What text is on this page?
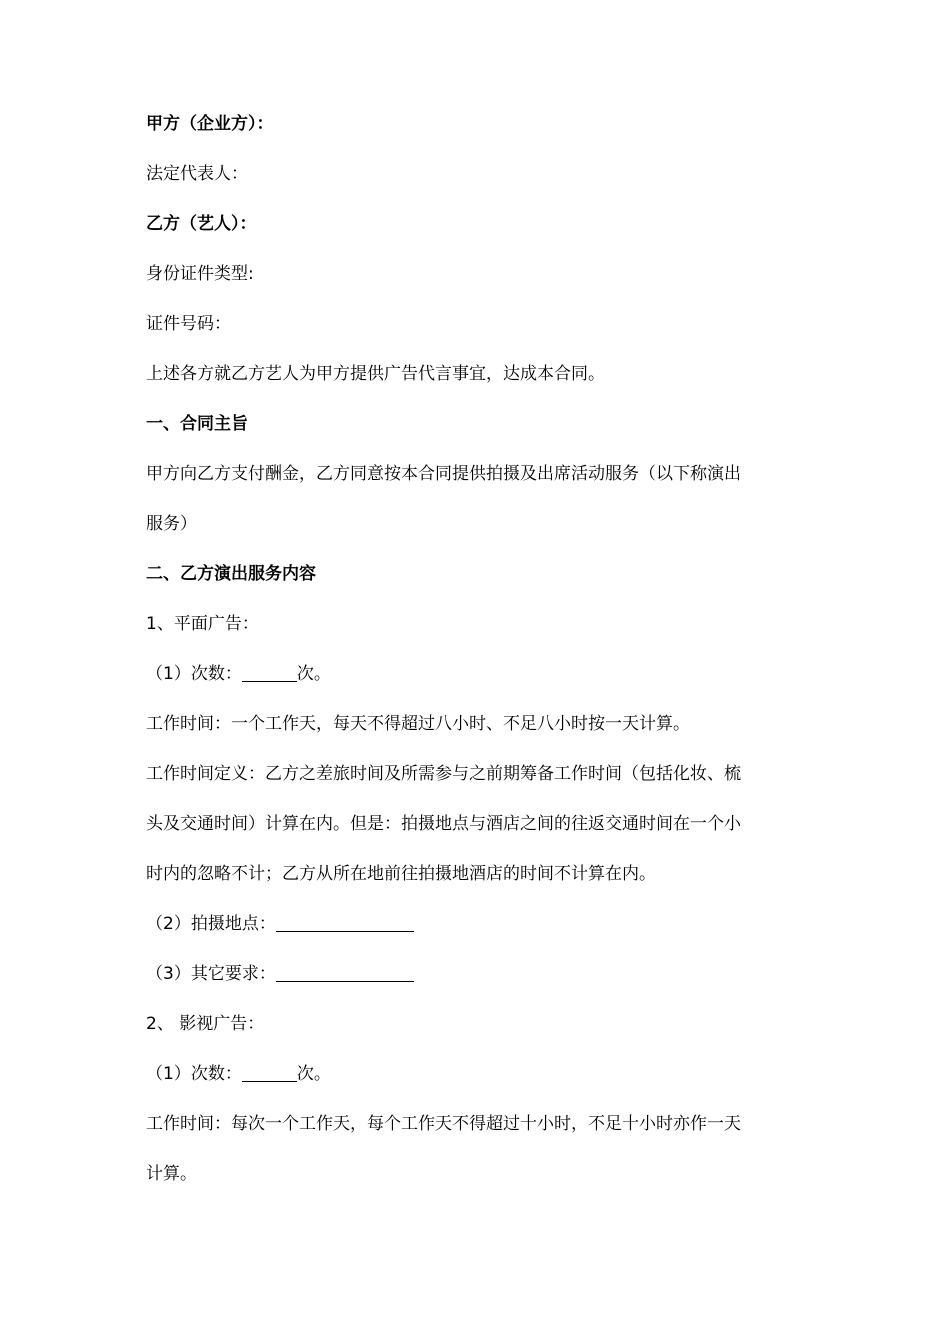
甲方（企业方）：
法定代表人：
乙方（艺人）：
身份证件类型:
证件号码：
上述各方就乙方艺人为甲方提供广告代言事宜，达成本合同。
一、合同主旨
甲方向乙方支付酬金，乙方同意按本合同提供拍摄及出席活动服务（以下称演出
服务）
二、乙方演出服务内容
1、平面广告：
（1）次数：	次。
工作时间：一个工作天，每天不得超过八小时、不足八小时按一天计算。
工作时间定义：乙方之差旅时间及所需参与之前期筹备工作时间（包括化妆、梳
头及交通时间）计算在内。但是：拍摄地点与酒店之间的往返交通时间在一个小
时内的忽略不计；乙方从所在地前往拍摄地酒店的时间不计算在内。
（2）拍摄地点：
（3）其它要求：
2、 影视广告：
（1）次数：	次。
工作时间：每次一个工作天，每个工作天不得超过十小时，不足十小时亦作一天
计算。
